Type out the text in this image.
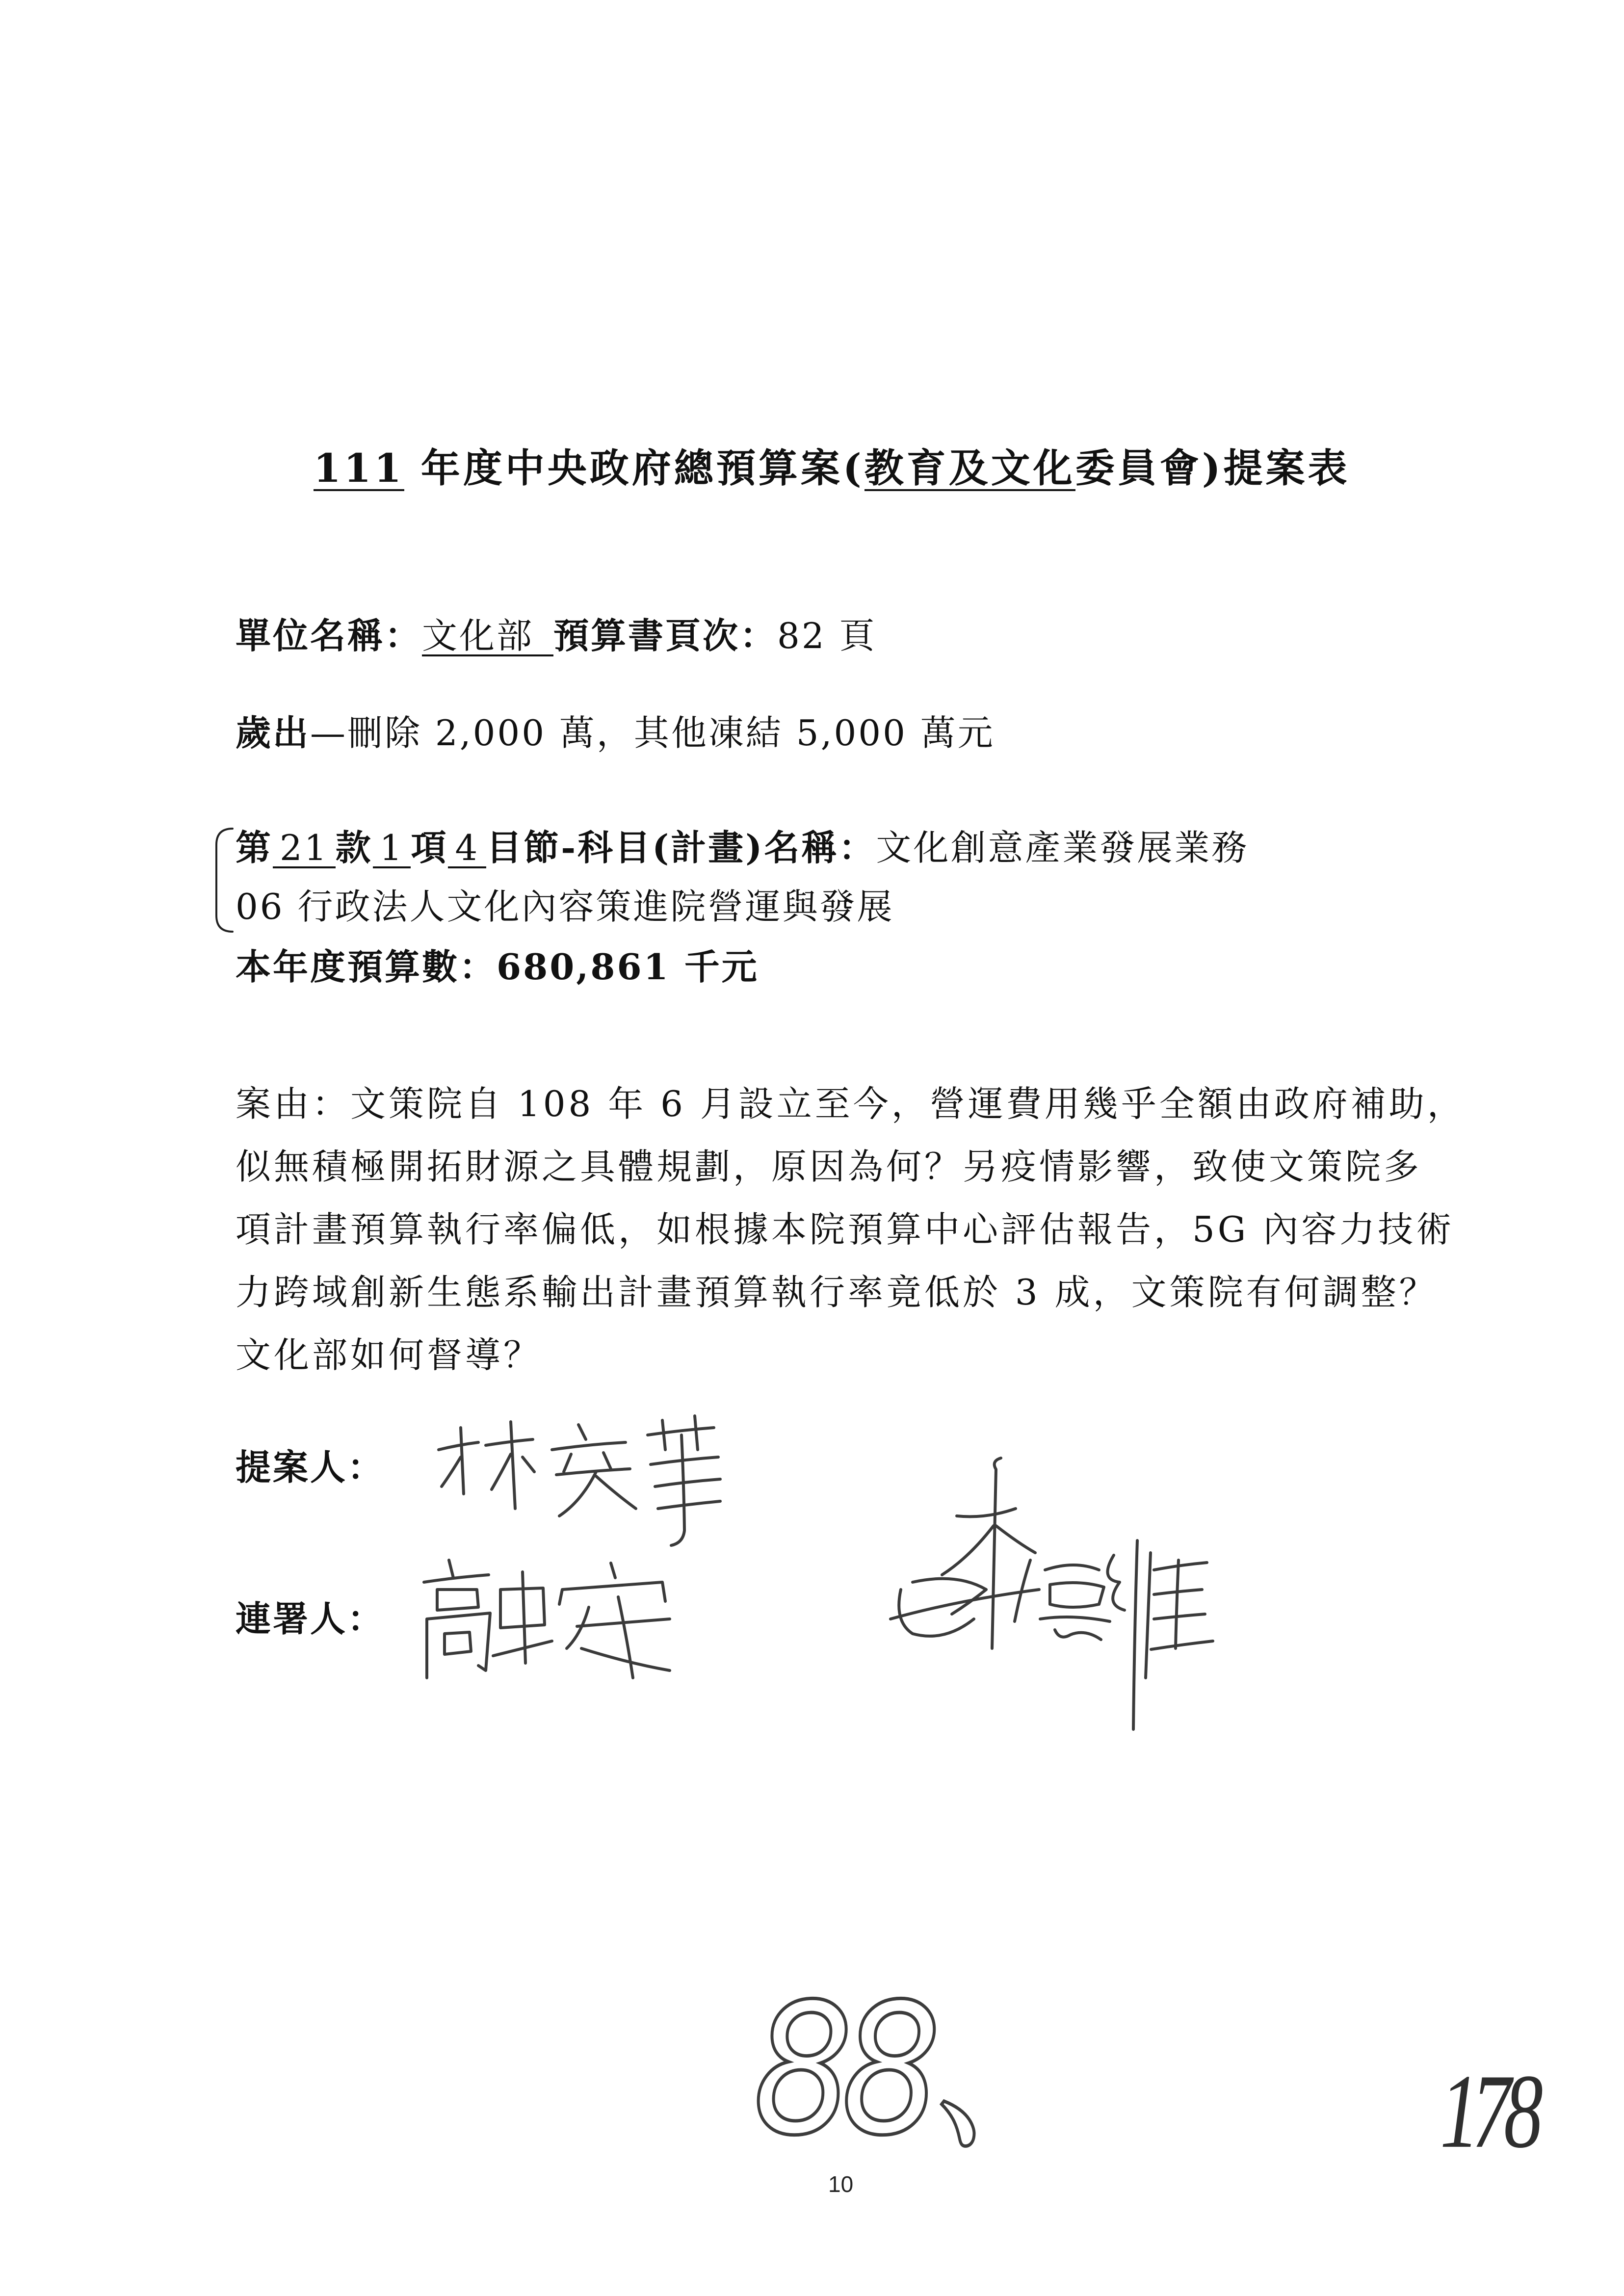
111 年度中央政府總預算案(教育及文化委員會)提案表
單位名稱：文化部 預算書頁次：82 頁
歲出—刪除 2,000 萬，其他凍結 5,000 萬元
第 21 款 1 項 4 目節-科目(計畫)名稱：文化創意產業發展業務
06 行政法人文化內容策進院營運與發展
本年度預算數：680,861 千元
案由：文策院自 108 年 6 月設立至今，營運費用幾乎全額由政府補助，
似無積極開拓財源之具體規劃，原因為何？另疫情影響，致使文策院多
項計畫預算執行率偏低，如根據本院預算中心評估報告，5G 內容力技術
力跨域創新生態系輸出計畫預算執行率竟低於 3 成，文策院有何調整？
文化部如何督導？
提案人：
連署人：
88、	178
10
